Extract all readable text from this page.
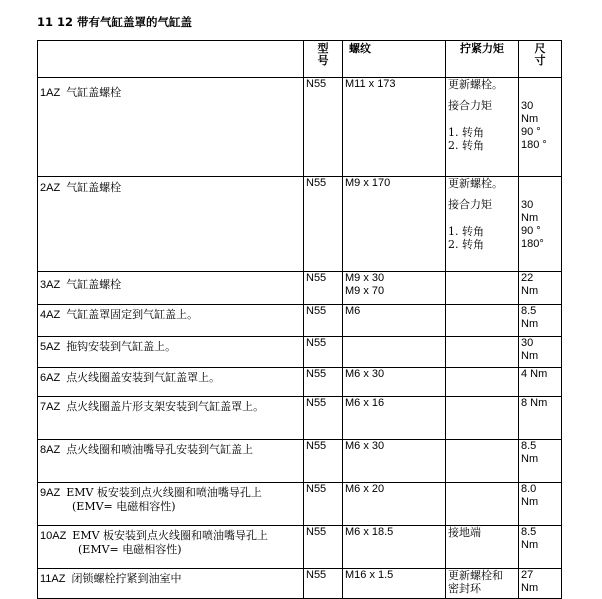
11 12 带有气缸盖罩的气缸盖

	型
号	螺纹	拧紧力矩	尺
寸

1AZ 气缸盖螺栓	N55	M11 x 173	更新螺栓。
接合力矩
1. 转角
2. 转角	30
Nm
90 °
180 °

2AZ 气缸盖螺栓	N55	M9 x 170	更新螺栓。
接合力矩
1. 转角
2. 转角	30
Nm
90 °
180°

3AZ 气缸盖螺栓	N55	M9 x 30
M9 x 70		22
Nm

4AZ 气缸盖罩固定到气缸盖上。	N55	M6		8.5
Nm

5AZ 拖钩安装到气缸盖上。	N55			30
Nm

6AZ 点火线圈盖安装到气缸盖罩上。	N55	M6 x 30		4 Nm

7AZ 点火线圈盖片形支架安装到气缸盖罩上。	N55	M6 x 16		8 Nm

8AZ 点火线圈和喷油嘴导孔安装到气缸盖上	N55	M6 x 30		8.5
Nm

9AZ EMV 板安装到点火线圈和喷油嘴导孔上 (EMV= 电磁相容性)	N55	M6 x 20		8.0
Nm

10AZ EMV 板安装到点火线圈和喷油嘴导孔上 (EMV= 电磁相容性)	N55	M6 x 18.5	接地端	8.5
Nm

11AZ 闭锁螺栓拧紧到油室中	N55	M16 x 1.5	更新螺栓和
密封环	27
Nm
